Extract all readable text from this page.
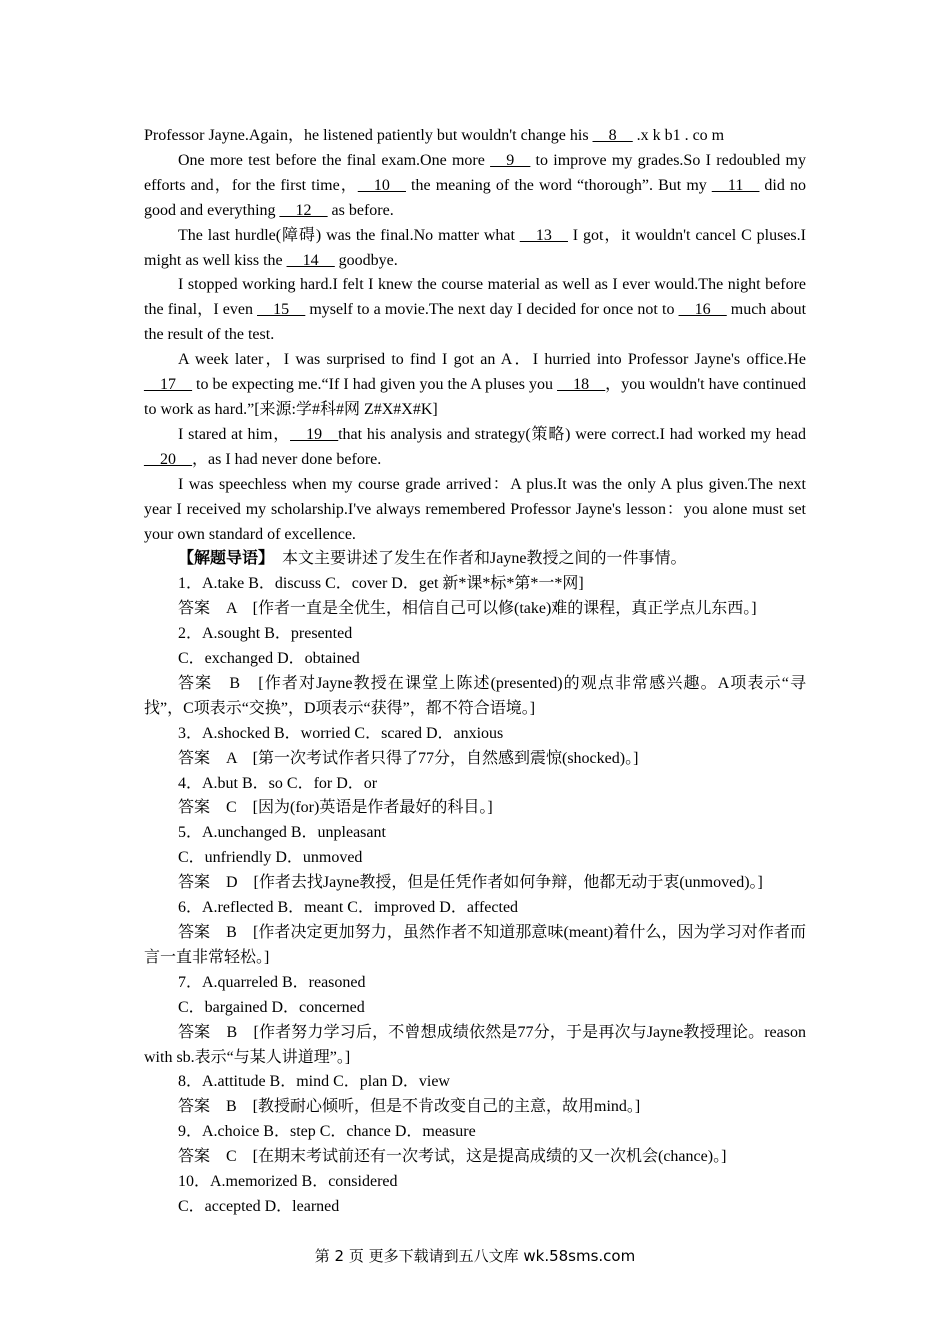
Professor Jayne.Again，he listened patiently but wouldn't change his __8__ .x k b1 . co m
One more test before the final exam.One more __9__ to improve my grades.So I redoubled my efforts and，for the first time，__10__ the meaning of the word “thorough”. But my __11__ did no good and everything __12__ as before.
The last hurdle(障碍) was the final.No matter what __13__ I got，it wouldn't cancel C pluses.I might as well kiss the __14__ goodbye.
I stopped working hard.I felt I knew the course material as well as I ever would.The night before the final，I even __15__ myself to a movie.The next day I decided for once not to __16__ much about the result of the test.
A week later，I was surprised to find I got an A．I hurried into Professor Jayne's office.He __17__ to be expecting me.“If I had given you the A pluses you __18__，you wouldn't have continued to work as hard.”[来源:学#科#网 Z#X#X#K]
I stared at him，__19__that his analysis and strategy(策略) were correct.I had worked my head __20__，as I had never done before.
I was speechless when my course grade arrived：A plus.It was the only A plus given.The next year I received my scholarship.I've always remembered Professor Jayne's lesson：you alone must set your own standard of excellence.
【解题导语】　本文主要讲述了发生在作者和Jayne教授之间的一件事情。
1．A.take B．discuss C．cover D．get 新*课*标*第*一*网]
答案　A　[作者一直是全优生，相信自己可以修(take)难的课程，真正学点儿东西。]
2．A.sought B．presented
C．exchanged D．obtained
答案　B　[作者对Jayne教授在课堂上陈述(presented)的观点非常感兴趣。A项表示“寻找”，C项表示“交换”，D项表示“获得”，都不符合语境。]
3．A.shocked B．worried C．scared D．anxious
答案　A　[第一次考试作者只得了77分，自然感到震惊(shocked)。]
4．A.but B．so C．for D．or
答案　C　[因为(for)英语是作者最好的科目。]
5．A.unchanged B．unpleasant
C．unfriendly D．unmoved
答案　D　[作者去找Jayne教授，但是任凭作者如何争辩，他都无动于衷(unmoved)。]
6．A.reflected B．meant C．improved D．affected
答案　B　[作者决定更加努力，虽然作者不知道那意味(meant)着什么，因为学习对作者而言一直非常轻松。]
7．A.quarreled B．reasoned
C．bargained D．concerned
答案　B　[作者努力学习后，不曾想成绩依然是77分，于是再次与Jayne教授理论。reason with sb.表示“与某人讲道理”。]
8．A.attitude B．mind C．plan D．view
答案　B　[教授耐心倾听，但是不肯改变自己的主意，故用mind。]
9．A.choice B．step C．chance D．measure
答案　C　[在期末考试前还有一次考试，这是提高成绩的又一次机会(chance)。]
10．A.memorized B．considered
C．accepted D．learned
第 2 页 更多下载请到五八文库 wk.58sms.com
